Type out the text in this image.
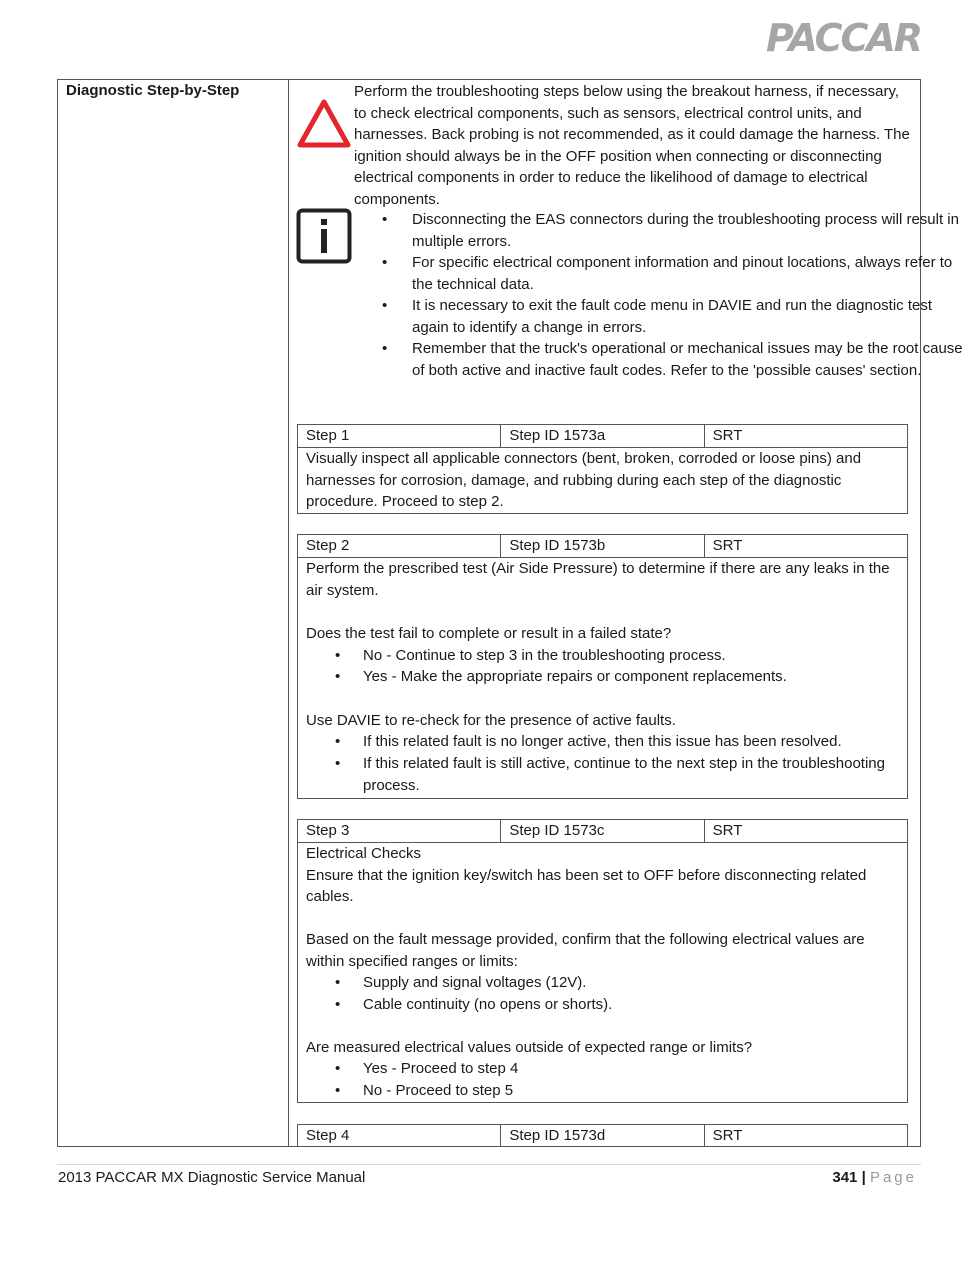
PACCAR
Diagnostic Step-by-Step	Perform the troubleshooting steps below using the breakout harness, if necessary, to check electrical components, such as sensors, electrical control units, and harnesses. Back probing is not recommended, as it could damage the harness. The ignition should always be in the OFF position when connecting or disconnecting electrical components in order to reduce the likelihood of damage to electrical components.

• Disconnecting the EAS connectors during the troubleshooting process will result in multiple errors.
• For specific electrical component information and pinout locations, always refer to the technical data.
• It is necessary to exit the fault code menu in DAVIE and run the diagnostic test again to identify a change in errors.
• Remember that the truck's operational or mechanical issues may be the root cause of both active and inactive fault codes. Refer to the 'possible causes' section.
Step 1	Step ID 1573a	SRT

Visually inspect all applicable connectors (bent, broken, corroded or loose pins) and harnesses for corrosion, damage, and rubbing during each step of the diagnostic procedure. Proceed to step 2.

Step 2	Step ID 1573b	SRT

Perform the prescribed test (Air Side Pressure) to determine if there are any leaks in the air system.

Does the test fail to complete or result in a failed state?

• No - Continue to step 3 in the troubleshooting process.
• Yes - Make the appropriate repairs or component replacements.

Use DAVIE to re-check for the presence of active faults.

• If this related fault is no longer active, then this issue has been resolved.
• If this related fault is still active, continue to the next step in the troubleshooting process.
Step 3	Step ID 1573c	SRT

Electrical Checks

Ensure that the ignition key/switch has been set to OFF before disconnecting related cables.

Based on the fault message provided, confirm that the following electrical values are within specified ranges or limits:

• Supply and signal voltages (12V).
• Cable continuity (no opens or shorts).

Are measured electrical values outside of expected range or limits?

• Yes - Proceed to step 4
• No - Proceed to step 5
Step 4	Step ID 1573d	SRT
2013 PACCAR MX Diagnostic Service Manual	341 | Page
